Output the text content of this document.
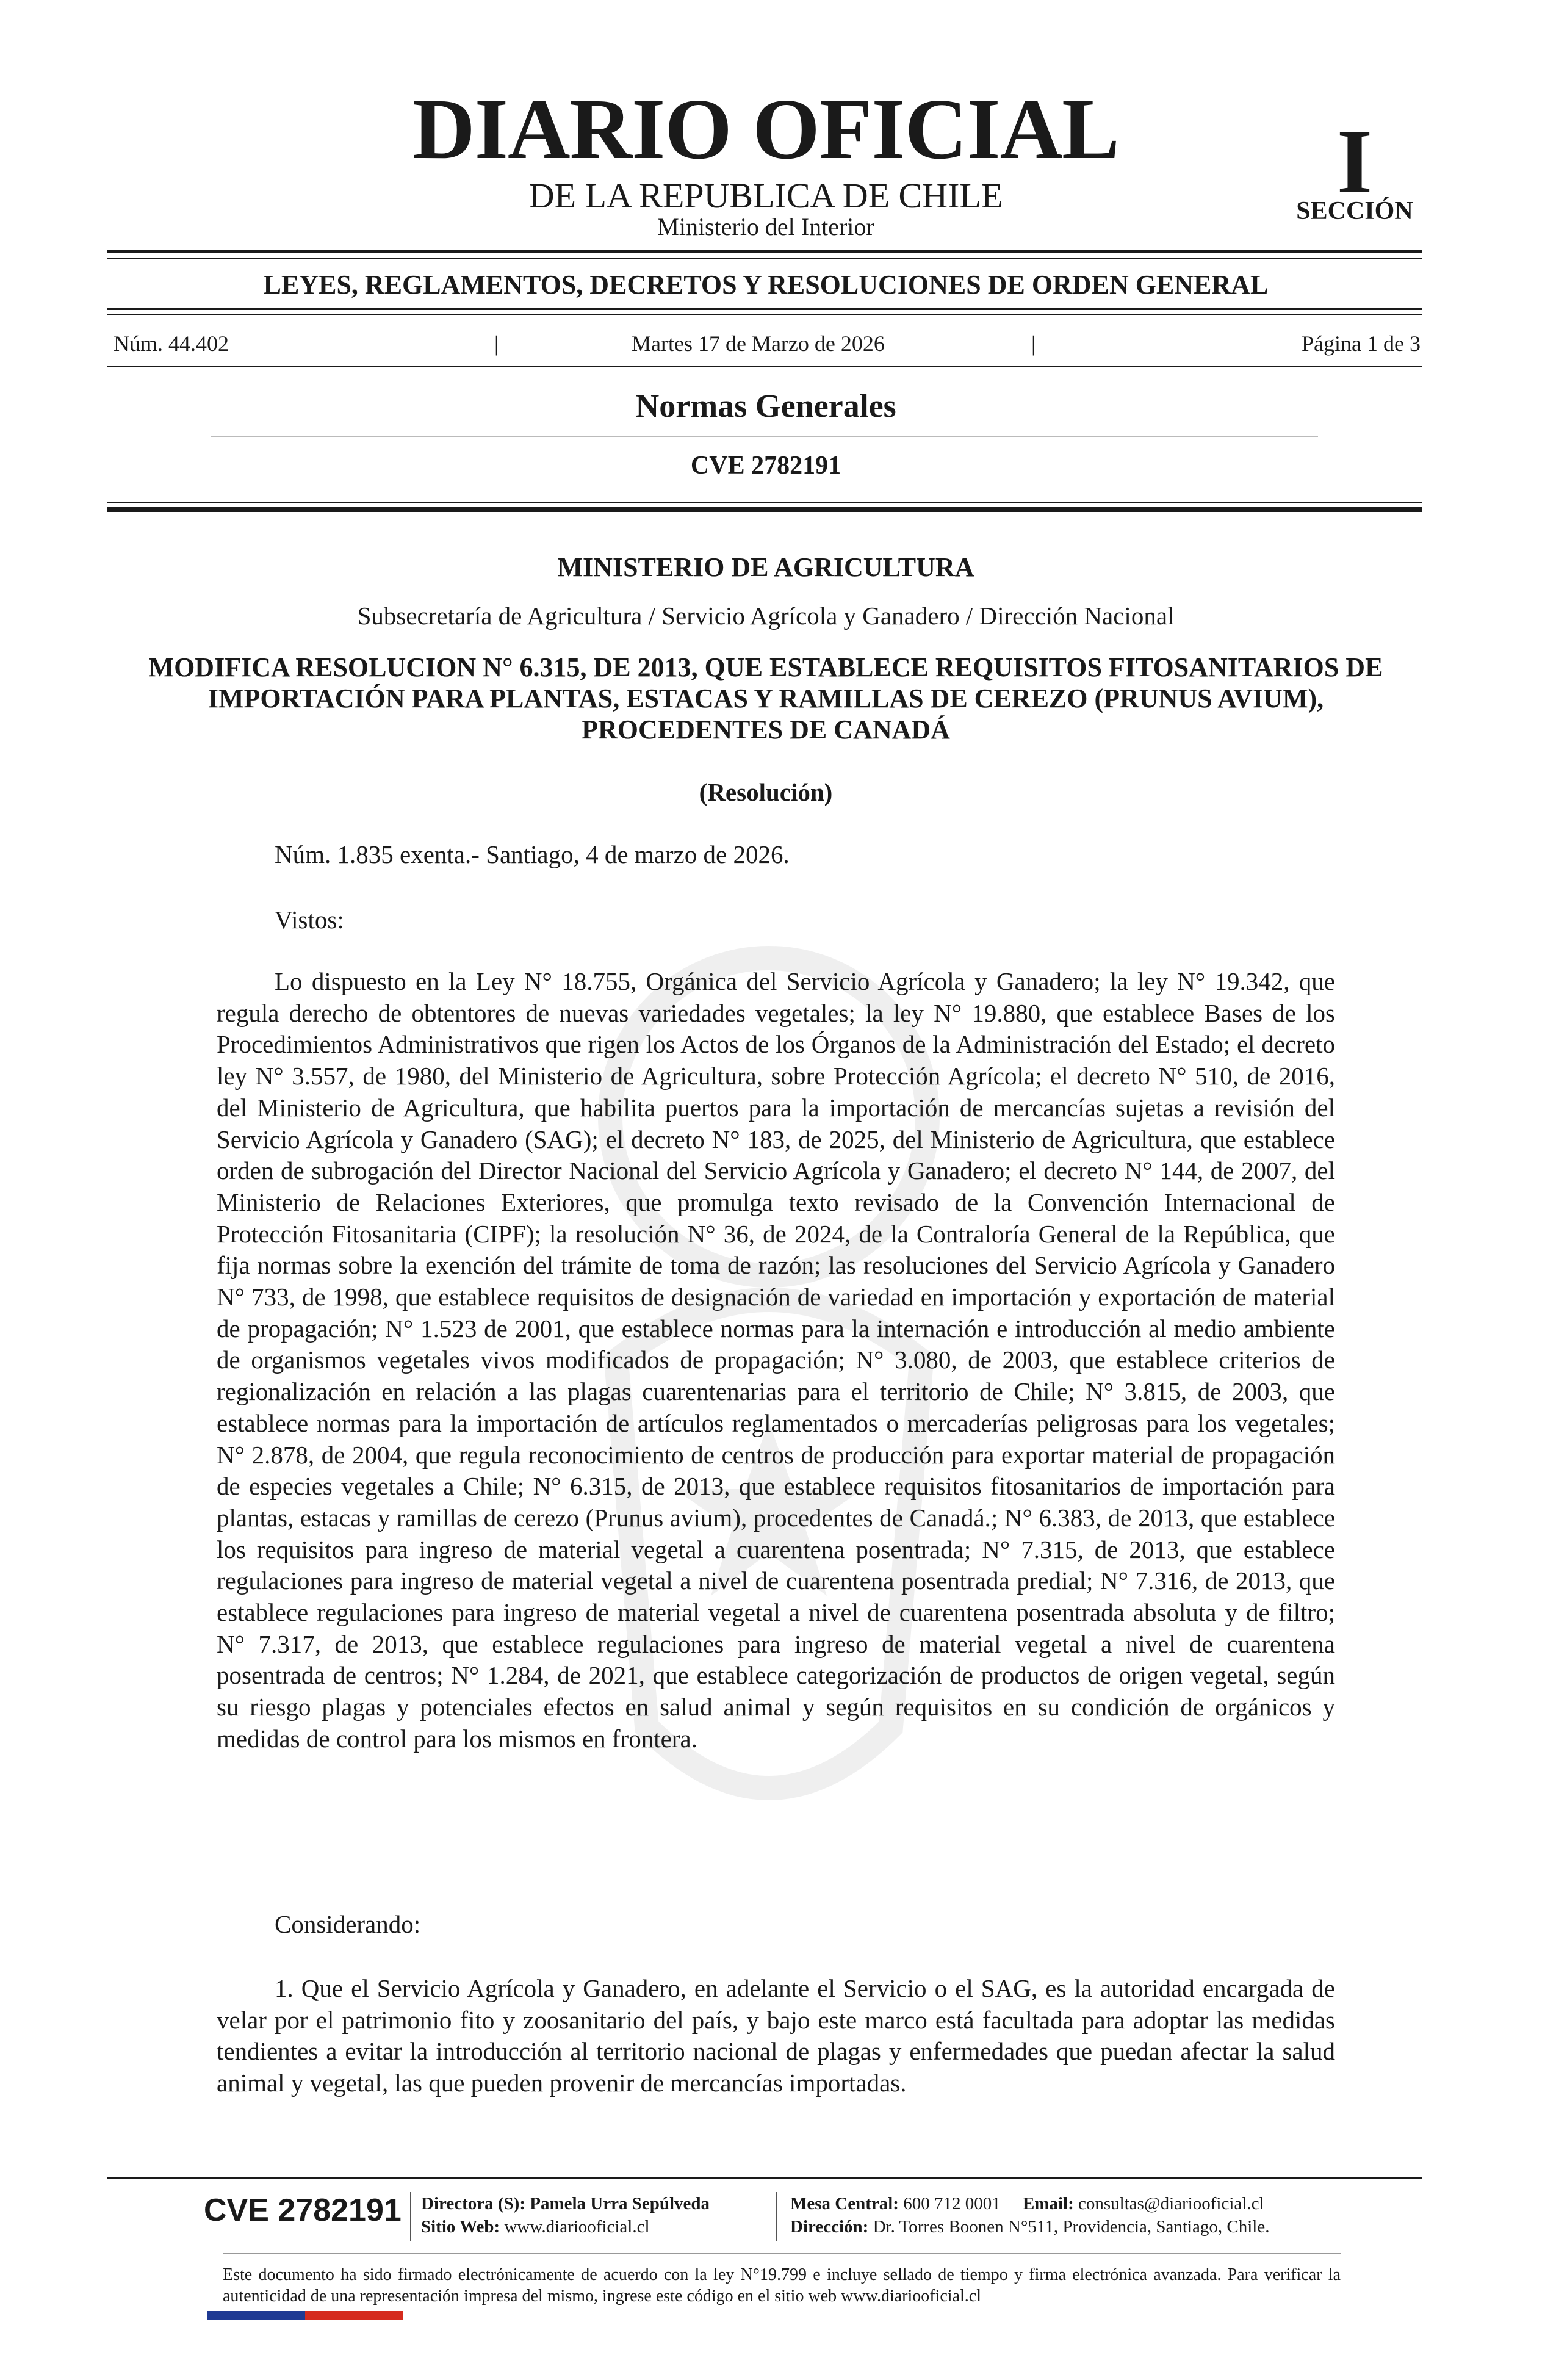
DIARIO OFICIAL
DE LA REPUBLICA DE CHILE
Ministerio del Interior
I
SECCIÓN
LEYES, REGLAMENTOS, DECRETOS Y RESOLUCIONES DE ORDEN GENERAL
Núm. 44.402	|	Martes 17 de Marzo de 2026	|	Página 1 de 3
Normas Generales
CVE 2782191
MINISTERIO DE AGRICULTURA
Subsecretaría de Agricultura / Servicio Agrícola y Ganadero / Dirección Nacional
MODIFICA RESOLUCION N° 6.315, DE 2013, QUE ESTABLECE REQUISITOS FITOSANITARIOS DE IMPORTACIÓN PARA PLANTAS, ESTACAS Y RAMILLAS DE CEREZO (PRUNUS AVIUM), PROCEDENTES DE CANADÁ
(Resolución)
Núm. 1.835 exenta.- Santiago, 4 de marzo de 2026.
Vistos:
Lo dispuesto en la Ley N° 18.755, Orgánica del Servicio Agrícola y Ganadero; la ley N° 19.342, que regula derecho de obtentores de nuevas variedades vegetales; la ley N° 19.880, que establece Bases de los Procedimientos Administrativos que rigen los Actos de los Órganos de la Administración del Estado; el decreto ley N° 3.557, de 1980, del Ministerio de Agricultura, sobre Protección Agrícola; el decreto N° 510, de 2016, del Ministerio de Agricultura, que habilita puertos para la importación de mercancías sujetas a revisión del Servicio Agrícola y Ganadero (SAG); el decreto N° 183, de 2025, del Ministerio de Agricultura, que establece orden de subrogación del Director Nacional del Servicio Agrícola y Ganadero; el decreto N° 144, de 2007, del Ministerio de Relaciones Exteriores, que promulga texto revisado de la Convención Internacional de Protección Fitosanitaria (CIPF); la resolución N° 36, de 2024, de la Contraloría General de la República, que fija normas sobre la exención del trámite de toma de razón; las resoluciones del Servicio Agrícola y Ganadero N° 733, de 1998, que establece requisitos de designación de variedad en importación y exportación de material de propagación; N° 1.523 de 2001, que establece normas para la internación e introducción al medio ambiente de organismos vegetales vivos modificados de propagación; N° 3.080, de 2003, que establece criterios de regionalización en relación a las plagas cuarentenarias para el territorio de Chile; N° 3.815, de 2003, que establece normas para la importación de artículos reglamentados o mercaderías peligrosas para los vegetales; N° 2.878, de 2004, que regula reconocimiento de centros de producción para exportar material de propagación de especies vegetales a Chile; N° 6.315, de 2013, que establece requisitos fitosanitarios de importación para plantas, estacas y ramillas de cerezo (Prunus avium), procedentes de Canadá.; N° 6.383, de 2013, que establece los requisitos para ingreso de material vegetal a cuarentena posentrada; N° 7.315, de 2013, que establece regulaciones para ingreso de material vegetal a nivel de cuarentena posentrada predial; N° 7.316, de 2013, que establece regulaciones para ingreso de material vegetal a nivel de cuarentena posentrada absoluta y de filtro; N° 7.317, de 2013, que establece regulaciones para ingreso de material vegetal a nivel de cuarentena posentrada de centros; N° 1.284, de 2021, que establece categorización de productos de origen vegetal, según su riesgo plagas y potenciales efectos en salud animal y según requisitos en su condición de orgánicos y medidas de control para los mismos en frontera.
Considerando:
1. Que el Servicio Agrícola y Ganadero, en adelante el Servicio o el SAG, es la autoridad encargada de velar por el patrimonio fito y zoosanitario del país, y bajo este marco está facultada para adoptar las medidas tendientes a evitar la introducción al territorio nacional de plagas y enfermedades que puedan afectar la salud animal y vegetal, las que pueden provenir de mercancías importadas.
CVE 2782191 Directora (S): Pamela Urra Sepúlveda
Sitio Web: www.diariooficial.cl
Mesa Central: 600 712 0001 Email: consultas@diariooficial.cl
Dirección: Dr. Torres Boonen N°511, Providencia, Santiago, Chile.
Este documento ha sido firmado electrónicamente de acuerdo con la ley N°19.799 e incluye sellado de tiempo y firma electrónica avanzada. Para verificar la autenticidad de una representación impresa del mismo, ingrese este código en el sitio web www.diariooficial.cl
